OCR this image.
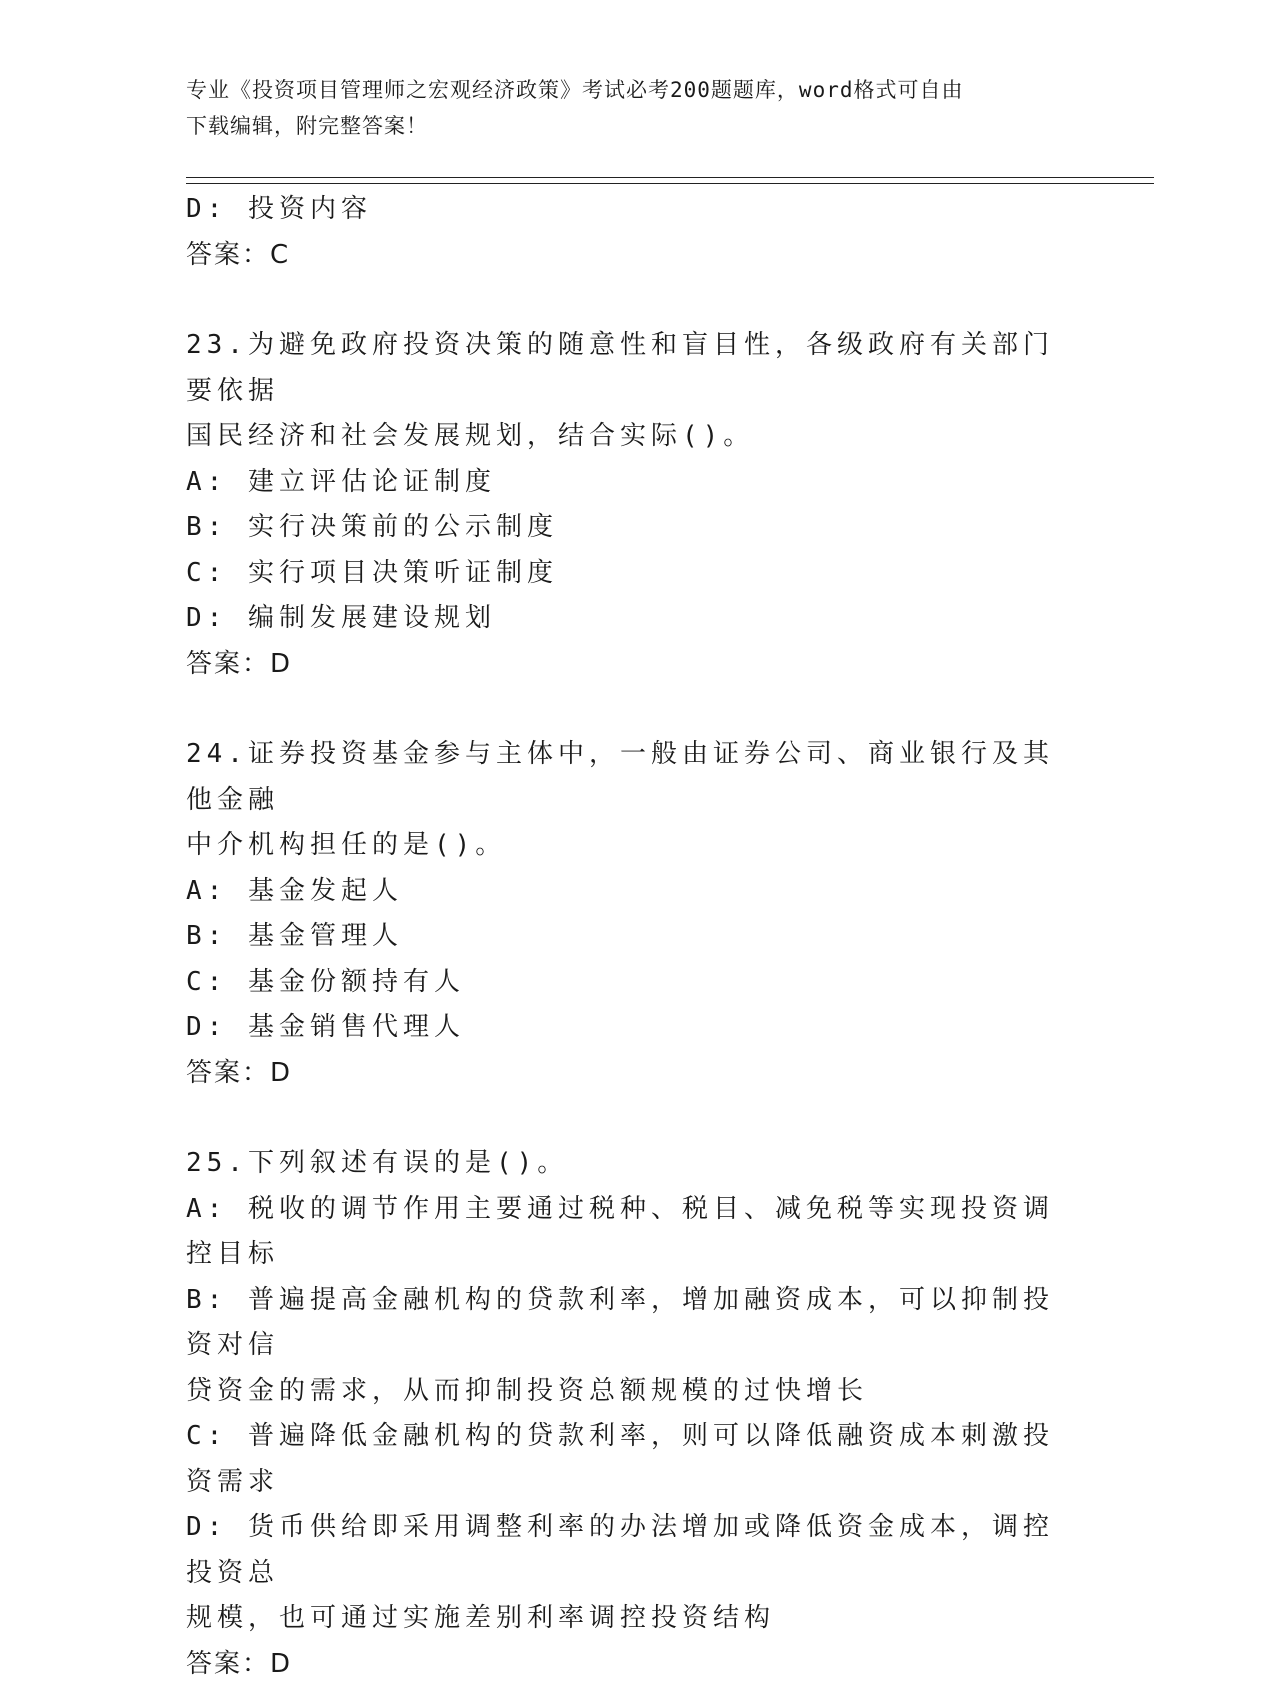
专业《投资项目管理师之宏观经济政策》考试必考200题题库，word格式可自由
下载编辑，附完整答案！
D: 投资内容
答案：C
23.为避免政府投资决策的随意性和盲目性，各级政府有关部门要依据
国民经济和社会发展规划，结合实际()。
A: 建立评估论证制度
B: 实行决策前的公示制度
C: 实行项目决策听证制度
D: 编制发展建设规划
答案：D
24.证券投资基金参与主体中，一般由证券公司、商业银行及其他金融
中介机构担任的是()。
A: 基金发起人
B: 基金管理人
C: 基金份额持有人
D: 基金销售代理人
答案：D
25.下列叙述有误的是()。
A: 税收的调节作用主要通过税种、税目、减免税等实现投资调控目标
B: 普遍提高金融机构的贷款利率，增加融资成本，可以抑制投资对信
贷资金的需求，从而抑制投资总额规模的过快增长
C: 普遍降低金融机构的贷款利率，则可以降低融资成本刺激投资需求
D: 货币供给即采用调整利率的办法增加或降低资金成本，调控投资总
规模，也可通过实施差别利率调控投资结构
答案：D
